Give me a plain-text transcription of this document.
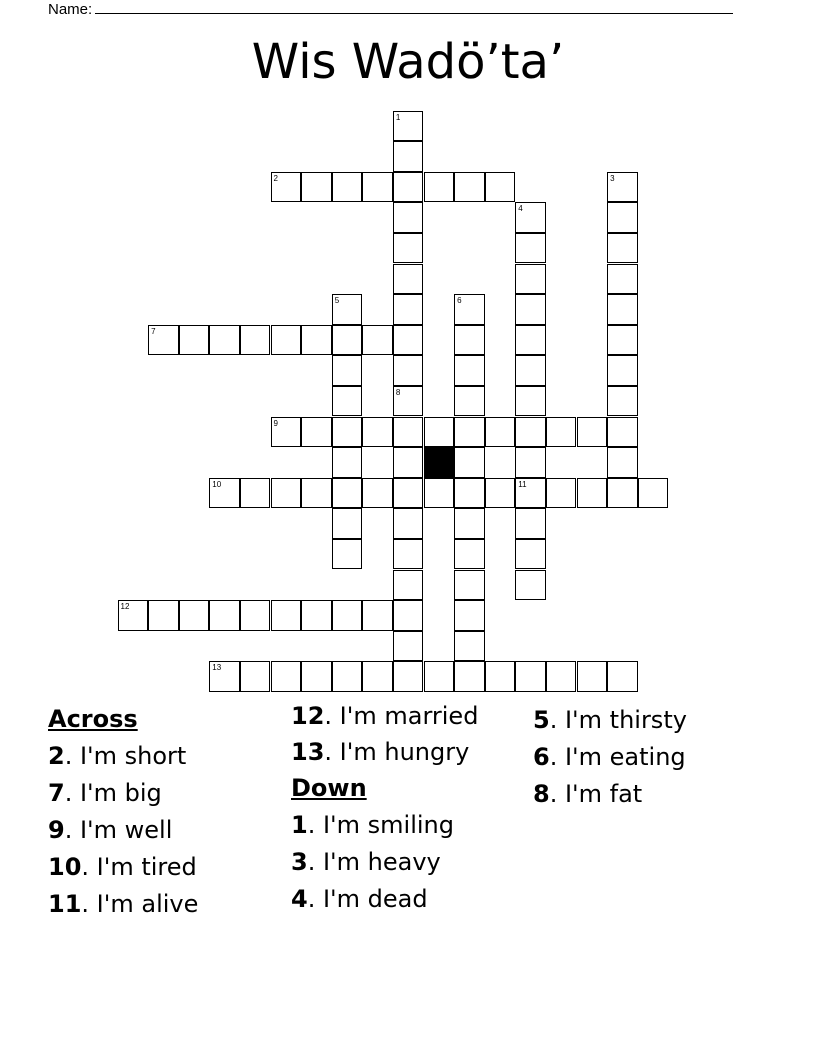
Name:
Wis Wadö’ta’
1
8
2	3
4
11
5	6
7
9
10
12
13
Across
2. I'm short
7. I'm big
9. I'm well
10. I'm tired
11. I'm alive
12. I'm married
13. I'm hungry
Down
1. I'm smiling
3. I'm heavy
4. I'm dead
5. I'm thirsty
6. I'm eating
8. I'm fat
